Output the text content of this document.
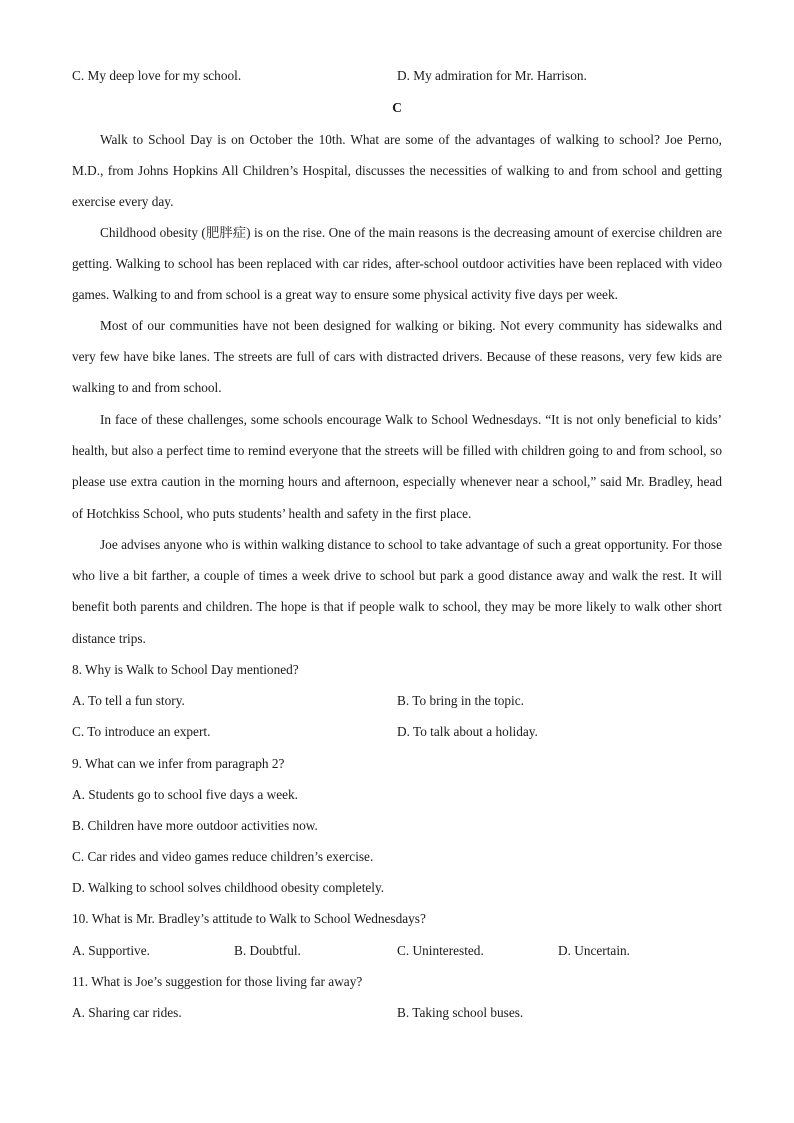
C. My deep love for my school.	D. My admiration for Mr. Harrison.
C

Walk to School Day is on October the 10th. What are some of the advantages of walking to school? Joe Perno, M.D., from Johns Hopkins All Children’s Hospital, discusses the necessities of walking to and from school and getting exercise every day.

Childhood obesity (肥胖症) is on the rise. One of the main reasons is the decreasing amount of exercise children are getting. Walking to school has been replaced with car rides, after-school outdoor activities have been replaced with video games. Walking to and from school is a great way to ensure some physical activity five days per week.

Most of our communities have not been designed for walking or biking. Not every community has sidewalks and very few have bike lanes. The streets are full of cars with distracted drivers. Because of these reasons, very few kids are walking to and from school.

In face of these challenges, some schools encourage Walk to School Wednesdays. “It is not only beneficial to kids’ health, but also a perfect time to remind everyone that the streets will be filled with children going to and from school, so please use extra caution in the morning hours and afternoon, especially whenever near a school,” said Mr. Bradley, head of Hotchkiss School, who puts students’ health and safety in the first place.

Joe advises anyone who is within walking distance to school to take advantage of such a great opportunity. For those who live a bit farther, a couple of times a week drive to school but park a good distance away and walk the rest. It will benefit both parents and children. The hope is that if people walk to school, they may be more likely to walk other short distance trips.

8. Why is Walk to School Day mentioned?
A. To tell a fun story.	B. To bring in the topic.
C. To introduce an expert.	D. To talk about a holiday.
9. What can we infer from paragraph 2?
A. Students go to school five days a week.
B. Children have more outdoor activities now.
C. Car rides and video games reduce children’s exercise.
D. Walking to school solves childhood obesity completely.
10. What is Mr. Bradley’s attitude to Walk to School Wednesdays?
A. Supportive.	B. Doubtful.	C. Uninterested.	D. Uncertain.
11. What is Joe’s suggestion for those living far away?
A. Sharing car rides.	B. Taking school buses.
